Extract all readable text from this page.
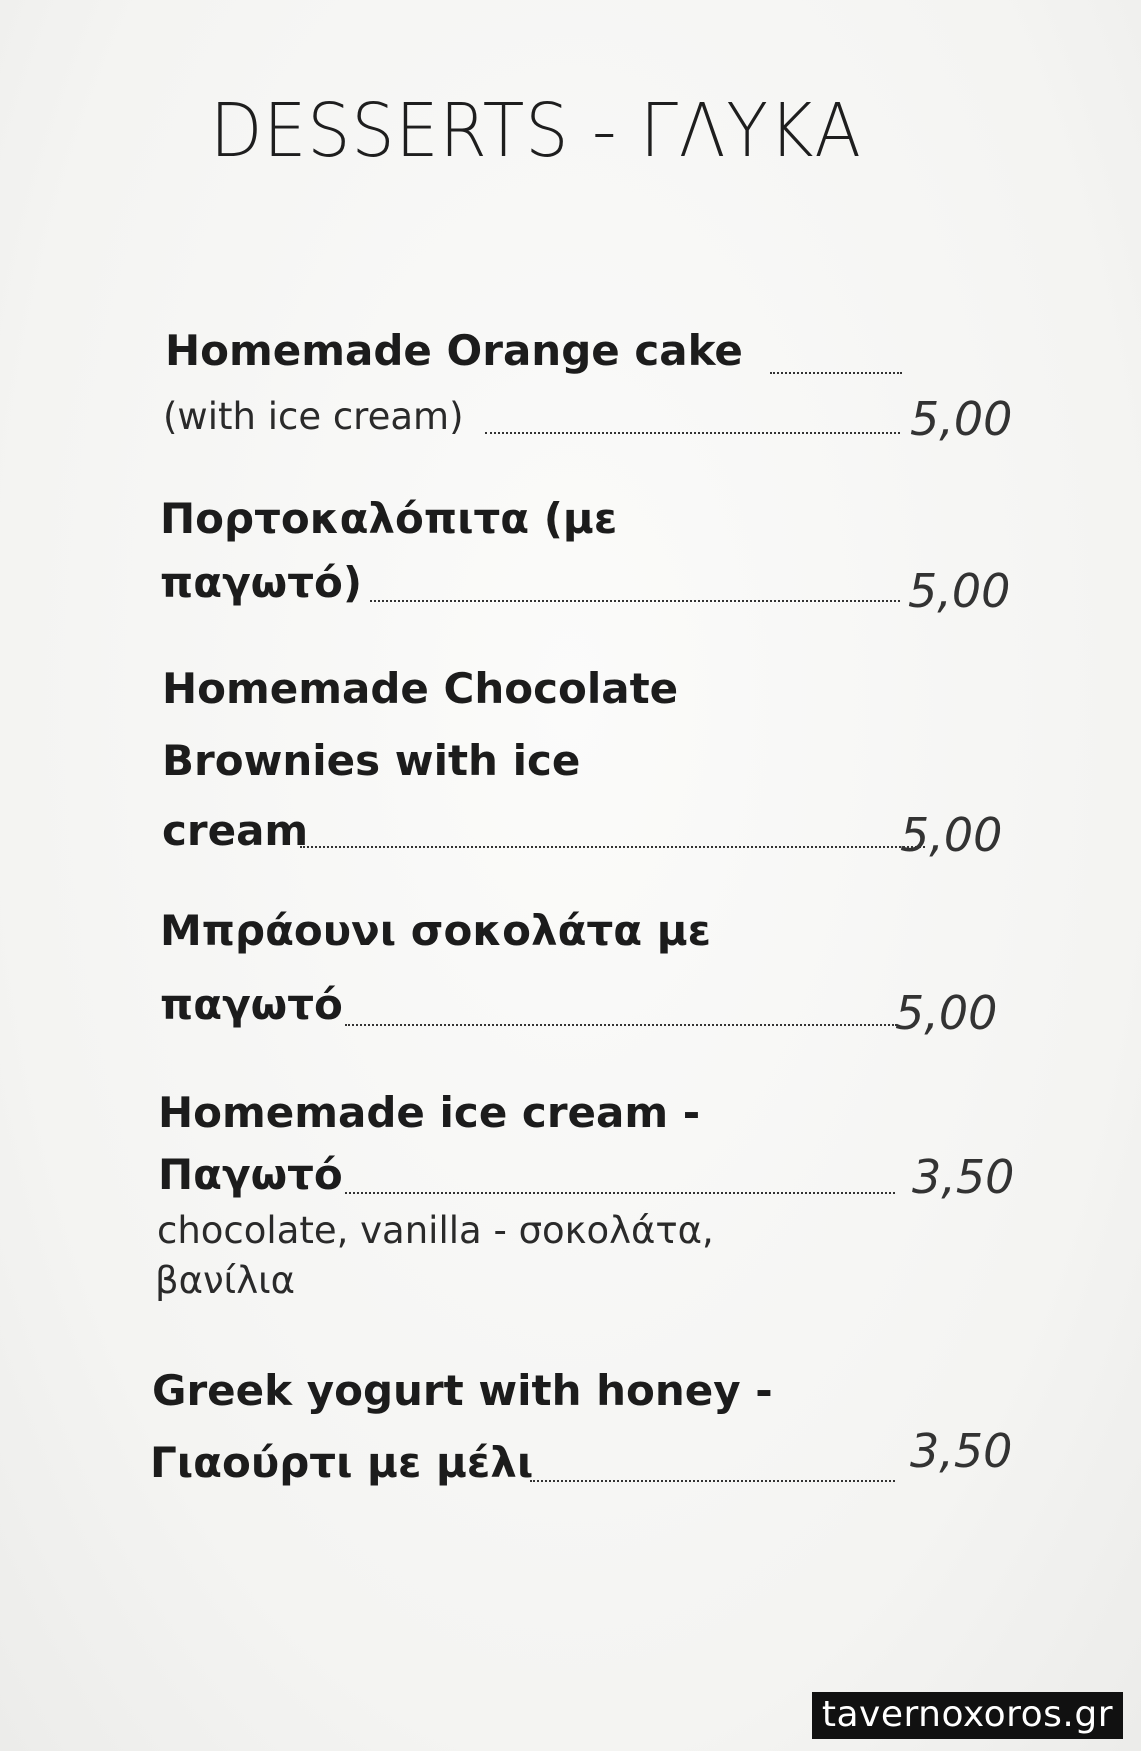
DESSERTS - ΓΛΥΚΑ
Homemade Orange cake
(with ice cream)	5,00
Πορτοκαλόπιτα (με
παγωτό)	5,00
Homemade Chocolate
Brownies with ice
cream	5,00
Μπράουνι σοκολάτα με
παγωτό	5,00
Homemade ice cream -
Παγωτό	3,50
chocolate, vanilla - σοκολάτα,
βανίλια
Greek yogurt with honey -
Γιαούρτι με μέλι	3,50
tavernoxoros.gr
